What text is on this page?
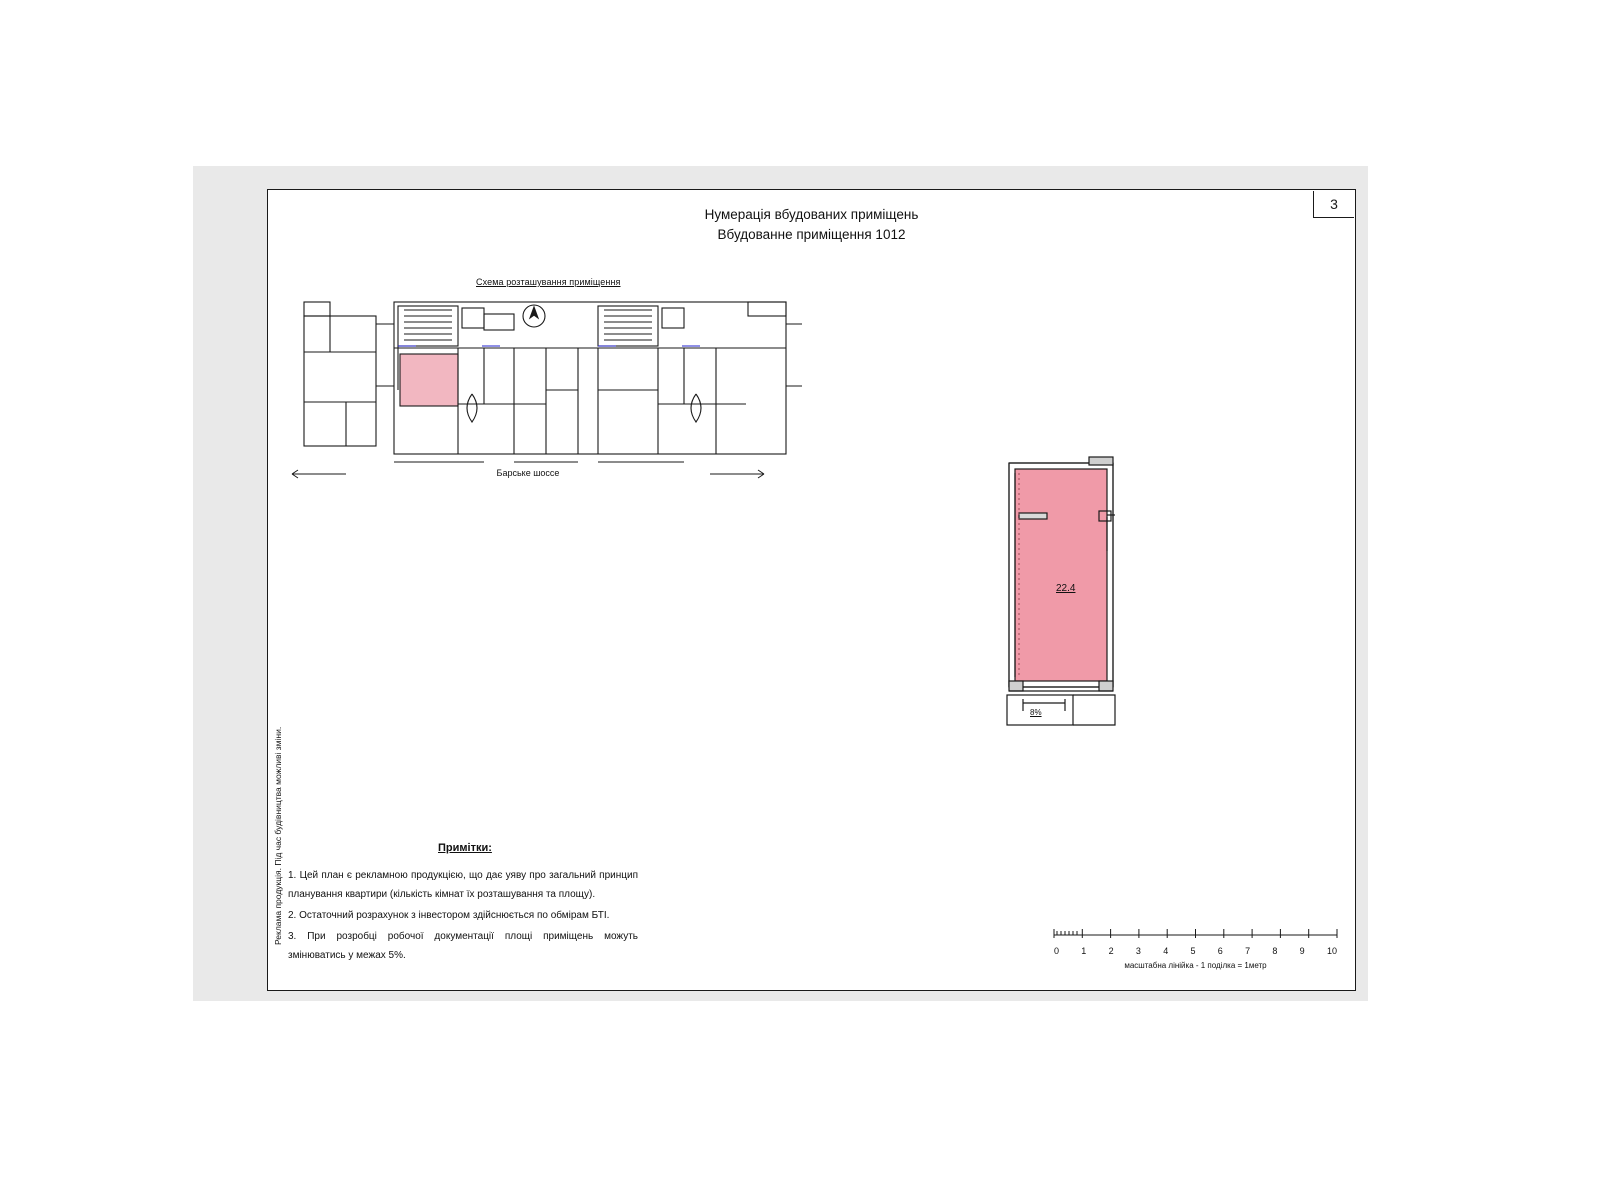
3
Нумерація вбудованих приміщень
Вбудованне приміщення 1012
Схема розташування приміщення
Барське шоссе
22.4
8%
Примітки:
1. Цей план є рекламною продукцією, що дає уяву про загальний принцип планування квартири (кількість кімнат їх розташування та площу).
2. Остаточний розрахунок з інвестором здійснюється по обмірам БТІ.
3. При розробці робочої документації площі приміщень можуть змінюватись у межах 5%.	0 1 2 3 4 5 6 7 8 9 10
масштабна лінійка - 1 поділка = 1метр
Реклама продукція. Під час будівництва можливі зміни.
